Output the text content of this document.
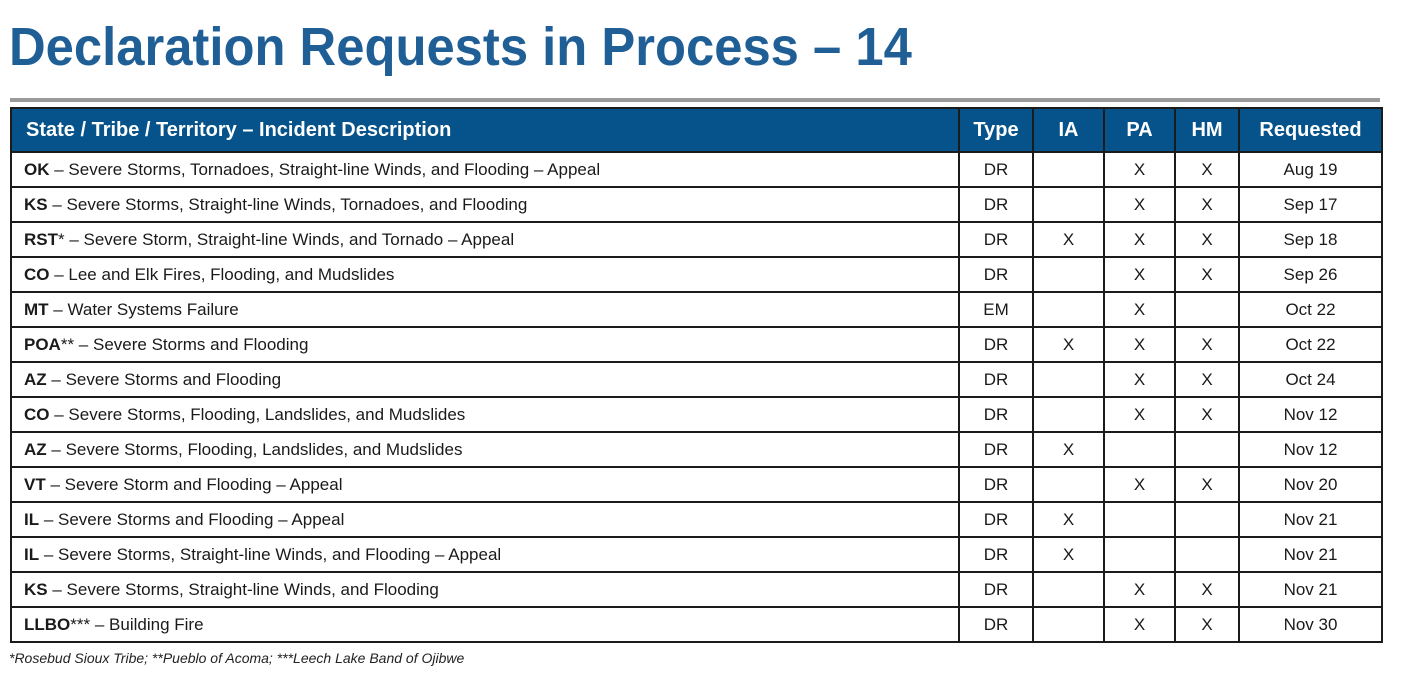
Declaration Requests in Process – 14
State / Tribe / Territory – Incident Description	Type	IA	PA	HM	Requested
OK – Severe Storms, Tornadoes, Straight-line Winds, and Flooding – Appeal	DR		X	X	Aug 19
KS – Severe Storms, Straight-line Winds, Tornadoes, and Flooding	DR		X	X	Sep 17
RST* – Severe Storm, Straight-line Winds, and Tornado – Appeal	DR	X	X	X	Sep 18
CO – Lee and Elk Fires, Flooding, and Mudslides	DR		X	X	Sep 26
MT – Water Systems Failure	EM		X		Oct 22
POA** – Severe Storms and Flooding	DR	X	X	X	Oct 22
AZ – Severe Storms and Flooding	DR		X	X	Oct 24
CO – Severe Storms, Flooding, Landslides, and Mudslides	DR		X	X	Nov 12
AZ – Severe Storms, Flooding, Landslides, and Mudslides	DR	X			Nov 12
VT – Severe Storm and Flooding – Appeal	DR		X	X	Nov 20
IL – Severe Storms and Flooding – Appeal	DR	X			Nov 21
IL – Severe Storms, Straight-line Winds, and Flooding – Appeal	DR	X			Nov 21
KS – Severe Storms, Straight-line Winds, and Flooding	DR		X	X	Nov 21
LLBO*** – Building Fire	DR		X	X	Nov 30
*Rosebud Sioux Tribe; **Pueblo of Acoma; ***Leech Lake Band of Ojibwe
